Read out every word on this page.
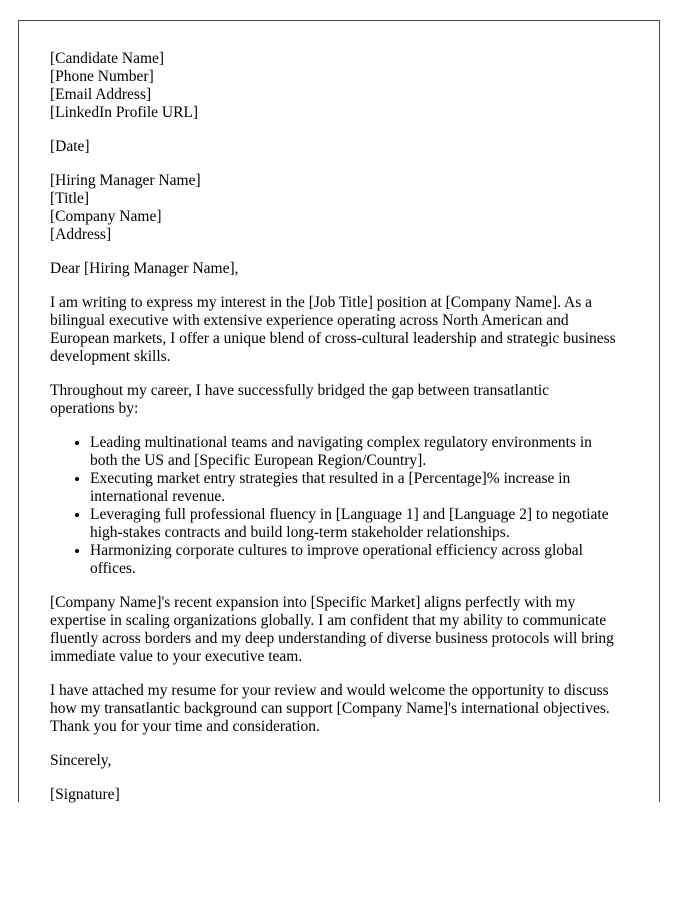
[Candidate Name]
[Phone Number]
[Email Address]
[LinkedIn Profile URL]
[Date]
[Hiring Manager Name]
[Title]
[Company Name]
[Address]

Dear [Hiring Manager Name],

I am writing to express my interest in the [Job Title] position at [Company Name]. As a
bilingual executive with extensive experience operating across North American and
European markets, I offer a unique blend of cross-cultural leadership and strategic business
development skills.

Throughout my career, I have successfully bridged the gap between transatlantic
operations by:

• Leading multinational teams and navigating complex regulatory environments in
both the US and [Specific European Region/Country].
• Executing market entry strategies that resulted in a [Percentage]% increase in
international revenue.
• Leveraging full professional fluency in [Language 1] and [Language 2] to negotiate
high-stakes contracts and build long-term stakeholder relationships.
• Harmonizing corporate cultures to improve operational efficiency across global
offices.

[Company Name]'s recent expansion into [Specific Market] aligns perfectly with my
expertise in scaling organizations globally. I am confident that my ability to communicate
fluently across borders and my deep understanding of diverse business protocols will bring
immediate value to your executive team.

I have attached my resume for your review and would welcome the opportunity to discuss
how my transatlantic background can support [Company Name]'s international objectives.
Thank you for your time and consideration.

Sincerely,

[Signature]
